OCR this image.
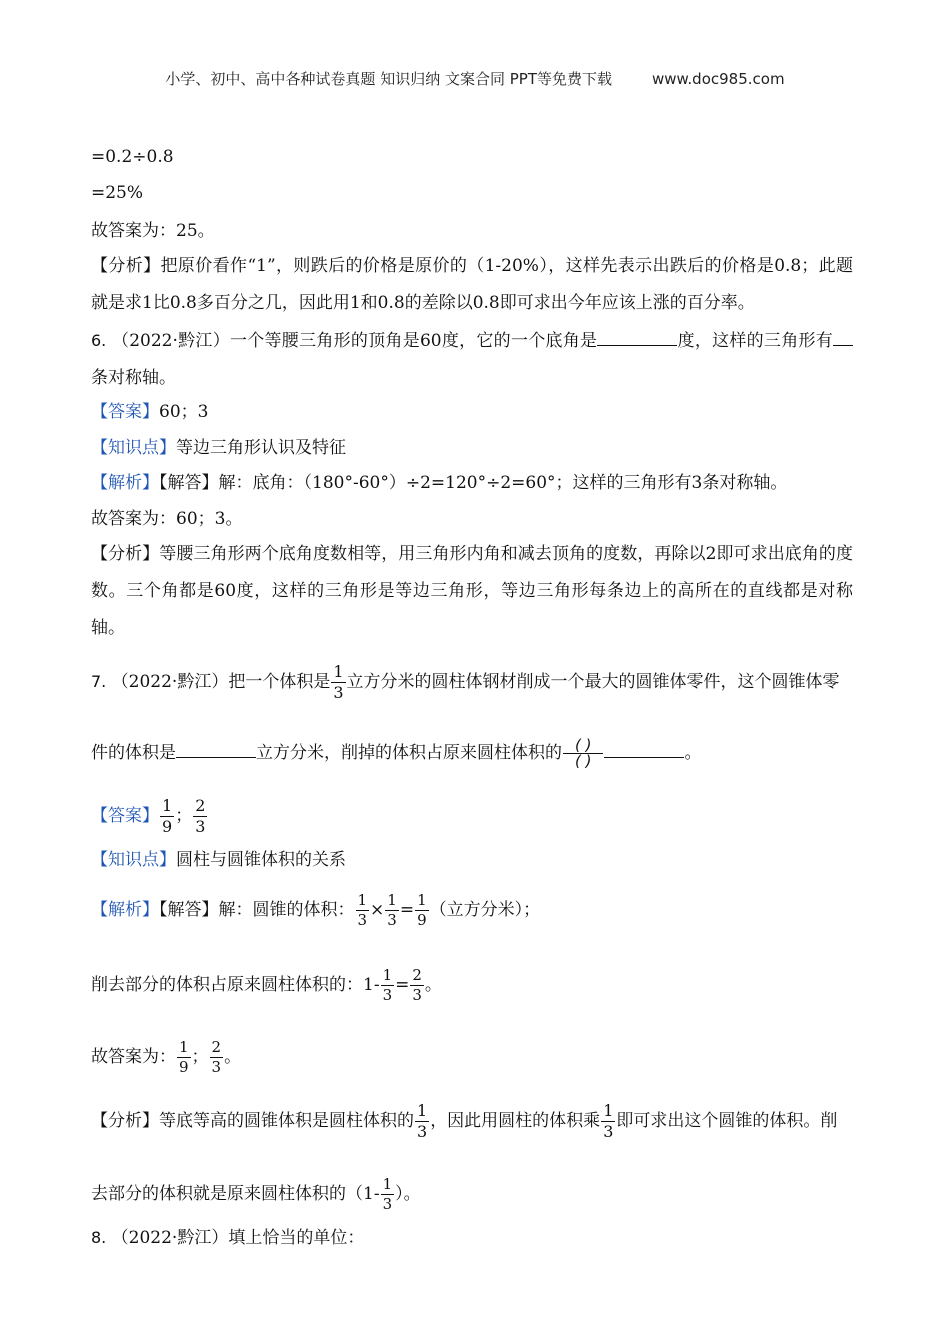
小学、初中、高中各种试卷真题 知识归纳 文案合同 PPT等免费下载	www.doc985.com
=0.2÷0.8
=25%
故答案为：25。
【分析】把原价看作“1”，则跌后的价格是原价的（1-20%），这样先表示出跌后的价格是0.8；此题就是求1比0.8多百分之几，因此用1和0.8的差除以0.8即可求出今年应该上涨的百分率。
6. （2022·黔江）一个等腰三角形的顶角是60度，它的一个底角是	度，这样的三角形有条对称轴。
【答案】60；3
【知识点】等边三角形认识及特征
【解析】【解答】解：底角：（180°-60°）÷2=120°÷2=60°；这样的三角形有3条对称轴。
故答案为：60；3。
【分析】等腰三角形两个底角度数相等，用三角形内角和减去顶角的度数，再除以2即可求出底角的度数。三个角都是60度，这样的三角形是等边三角形，等边三角形每条边上的高所在的直线都是对称轴。
7. （2022·黔江）把一个体积是 $\frac{1}{3}$ 立方分米的圆柱体钢材削成一个最大的圆锥体零件，这个圆锥体零
件的体积是	立方分米，削掉的体积占原来圆柱体积的 $\frac{( )}{( )}$	。
【答案】 $\frac{1}{9}$ ； $\frac{2}{3}$
【知识点】圆柱与圆锥体积的关系
【解析】【解答】解：圆锥的体积： $\frac{1}{3} \times \frac{1}{3} = \frac{1}{9}$ （立方分米）；
削去部分的体积占原来圆柱体积的：$1- \frac{1}{3} = \frac{2}{3}$ 。
故答案为： $\frac{1}{9}$ ； $\frac{2}{3}$ 。
【分析】等底等高的圆锥体积是圆柱体积的 $\frac{1}{3}$ ，因此用圆柱的体积乘 $\frac{1}{3}$ 即可求出这个圆锥的体积。削
去部分的体积就是原来圆柱体积的（$1- \frac{1}{3}$ ）。
8. （2022·黔江）填上恰当的单位：
